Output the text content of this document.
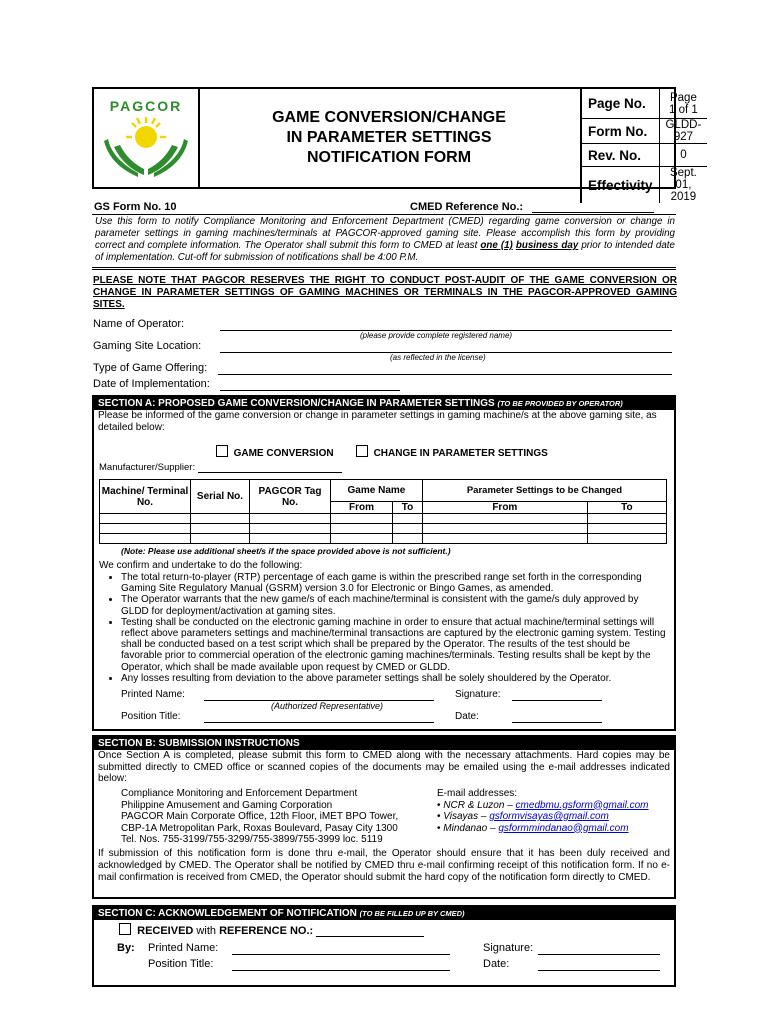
PAGCOR
GAME CONVERSION/CHANGE
IN PARAMETER SETTINGS
NOTIFICATION FORM
Page No.	Page 1 of 1
Form No.	GLDD-927
Rev. No.	0
Effectivity	Sept. 01, 2019
GS Form No. 10	CMED Reference No.:
Use this form to notify Compliance Monitoring and Enforcement Department (CMED) regarding game conversion or change in parameter settings in gaming machines/terminals at PAGCOR-approved gaming site. Please accomplish this form by providing correct and complete information. The Operator shall submit this form to CMED at least one (1) business day prior to intended date of implementation. Cut-off for submission of notifications shall be 4:00 P.M.
PLEASE NOTE THAT PAGCOR RESERVES THE RIGHT TO CONDUCT POST-AUDIT OF THE GAME CONVERSION OR CHANGE IN PARAMETER SETTINGS OF GAMING MACHINES OR TERMINALS IN THE PAGCOR-APPROVED GAMING SITES.
Name of Operator:
(please provide complete registered name)
Gaming Site Location:
(as reflected in the license)
Type of Game Offering:
Date of Implementation:
SECTION A: PROPOSED GAME CONVERSION/CHANGE IN PARAMETER SETTINGS (TO BE PROVIDED BY OPERATOR)
Please be informed of the game conversion or change in parameter settings in gaming machine/s at the above gaming site, as detailed below:
GAME CONVERSION	CHANGE IN PARAMETER SETTINGS
Manufacturer/Supplier:
Machine/ Terminal No.	Serial No.	PAGCOR Tag No.	Game Name		Parameter Settings to be Changed	
			From	To	From	To

(Note: Please use additional sheet/s if the space provided above is not sufficient.)
We confirm and undertake to do the following:
• The total return-to-player (RTP) percentage of each game is within the prescribed range set forth in the corresponding Gaming Site Regulatory Manual (GSRM) version 3.0 for Electronic or Bingo Games, as amended.
• The Operator warrants that the new game/s of each machine/terminal is consistent with the game/s duly approved by GLDD for deployment/activation at gaming sites.
• Testing shall be conducted on the electronic gaming machine in order to ensure that actual machine/terminal settings will reflect above parameters settings and machine/terminal transactions are captured by the electronic gaming system. Testing shall be conducted based on a test script which shall be prepared by the Operator. The results of the test should be favorable prior to commercial operation of the electronic gaming machines/terminals. Testing results shall be kept by the Operator, which shall be made available upon request by CMED or GLDD.
• Any losses resulting from deviation to the above parameter settings shall be solely shouldered by the Operator.
Printed Name:
(Authorized Representative)
Signature:
Position Title:	Date:
SECTION B: SUBMISSION INSTRUCTIONS
Once Section A is completed, please submit this form to CMED along with the necessary attachments. Hard copies may be submitted directly to CMED office or scanned copies of the documents may be emailed using the e-mail addresses indicated below:
Compliance Monitoring and Enforcement Department
Philippine Amusement and Gaming Corporation
PAGCOR Main Corporate Office, 12th Floor, iMET BPO Tower,
CBP-1A Metropolitan Park, Roxas Boulevard, Pasay City 1300
Tel. Nos. 755-3199/755-3299/755-3899/755-3999 loc. 5119
E-mail addresses:
• NCR & Luzon – cmedbmu.gsform@gmail.com
• Visayas – gsformvisayas@gmail.com
• Mindanao – gsformmindanao@gmail.com
If submission of this notification form is done thru e-mail, the Operator should ensure that it has been duly received and acknowledged by CMED. The Operator shall be notified by CMED thru e-mail confirming receipt of this notification form. If no e-mail confirmation is received from CMED, the Operator should submit the hard copy of the notification form directly to CMED.
SECTION C: ACKNOWLEDGEMENT OF NOTIFICATION (TO BE FILLED UP BY CMED)
RECEIVED with REFERENCE NO.:
By: Printed Name:	Signature:
Position Title:	Date:
